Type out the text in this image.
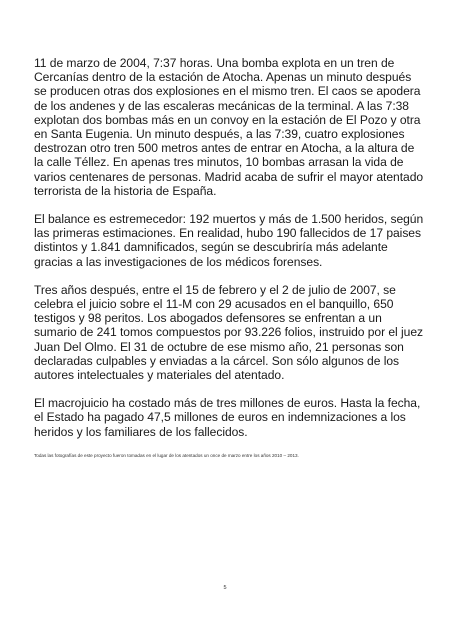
11 de marzo de 2004, 7:37 horas. Una bomba explota en un tren de Cercanías dentro de la estación de Atocha. Apenas un minuto después se producen otras dos explosiones en el mismo tren. El caos se apodera de los andenes y de las escaleras mecánicas de la terminal. A las 7:38 explotan dos bombas más en un convoy en la estación de El Pozo y otra en Santa Eugenia. Un minuto después, a las 7:39, cuatro explosiones destrozan otro tren 500 metros antes de entrar en Atocha, a la altura de la calle Téllez. En apenas tres minutos, 10 bombas arrasan la vida de varios centenares de personas. Madrid acaba de sufrir el mayor atentado terrorista de la historia de España.

El balance es estremecedor: 192 muertos y más de 1.500 heridos, según las primeras estimaciones. En realidad, hubo 190 fallecidos de 17 paises distintos y 1.841 damnificados, según se descubriría más adelante gracias a las investigaciones de los médicos forenses.

Tres años después, entre el 15 de febrero y el 2 de julio de 2007, se celebra el juicio sobre el 11-M con 29 acusados en el banquillo, 650 testigos y 98 peritos. Los abogados defensores se enfrentan a un sumario de 241 tomos compuestos por 93.226 folios, instruido por el juez Juan Del Olmo. El 31 de octubre de ese mismo año, 21 personas son declaradas culpables y enviadas a la cárcel. Son sólo algunos de los autores intelectuales y materiales del atentado.

El macrojuicio ha costado más de tres millones de euros. Hasta la fecha, el Estado ha pagado 47,5 millones de euros en indemnizaciones a los heridos y los familiares de los fallecidos.

Todas las fotografías de este proyecto fueron tomadas en el lugar de los atentados un once de marzo entre los años 2010 – 2013.

5
